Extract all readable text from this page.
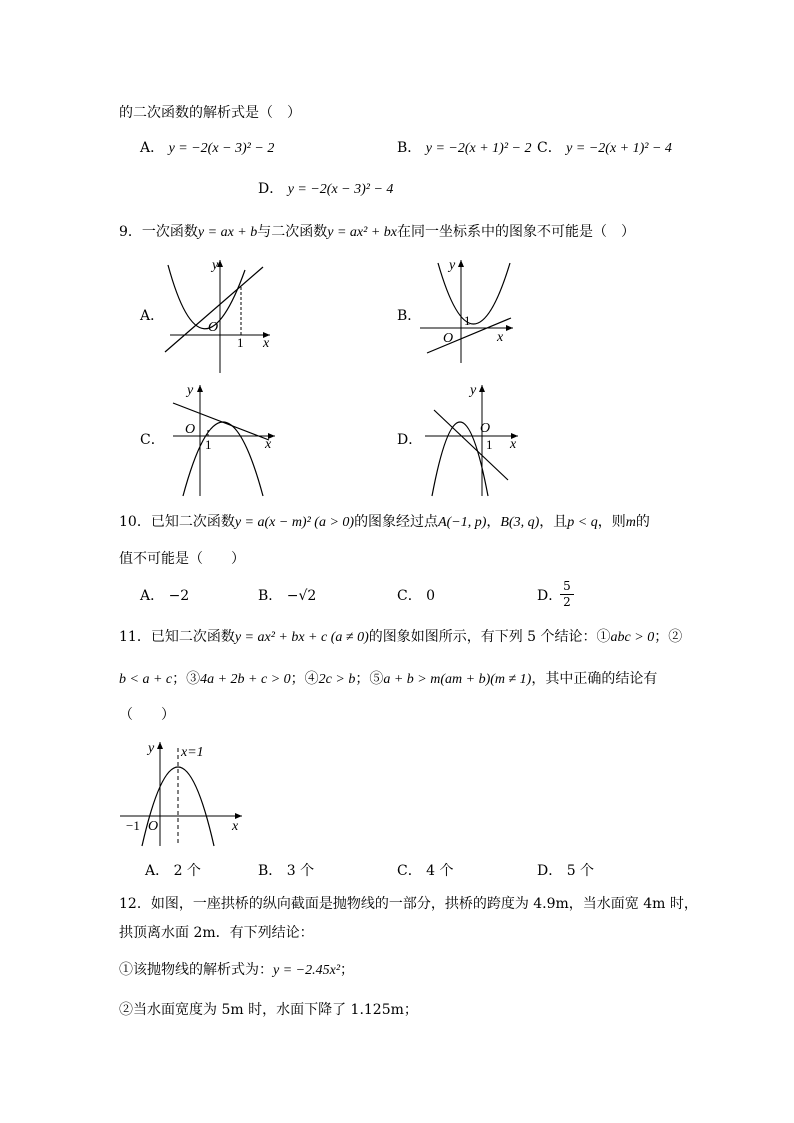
的二次函数的解析式是（　）
A． y = −2(x − 3)² − 2	B． y = −2(x + 1)² − 2 C． y = −2(x + 1)² − 4
D． y = −2(x − 3)² − 4
9．一次函数y = ax + b与二次函数y = ax² + bx在同一坐标系中的图象不可能是（　）
A．	B．
C．	D．
O
1 x
y
1
O	x
y
O
1	x
y
O
1 x
y
10．已知二次函数y = a(x − m)² (a > 0)的图象经过点A(−1, p)，B(3, q)，且p < q，则m的
值不可能是（　　）
A． −2	B． −√2	C． 0	D．
5
2
11．已知二次函数y = ax² + bx + c (a ≠ 0)的图象如图所示，有下列 5 个结论：①abc > 0；②
b < a + c；③4a + 2b + c > 0；④2c > b；⑤a + b > m(am + b)(m ≠ 1)，其中正确的结论有
（　　）
x=1
y
x
−1 O
A． 2 个	B． 3 个	C． 4 个	D． 5 个
12．如图，一座拱桥的纵向截面是抛物线的一部分，拱桥的跨度为 4.9m，当水面宽 4m 时，
拱顶离水面 2m．有下列结论：
①该抛物线的解析式为：y = −2.45x²；
②当水面宽度为 5m 时，水面下降了 1.125m；
